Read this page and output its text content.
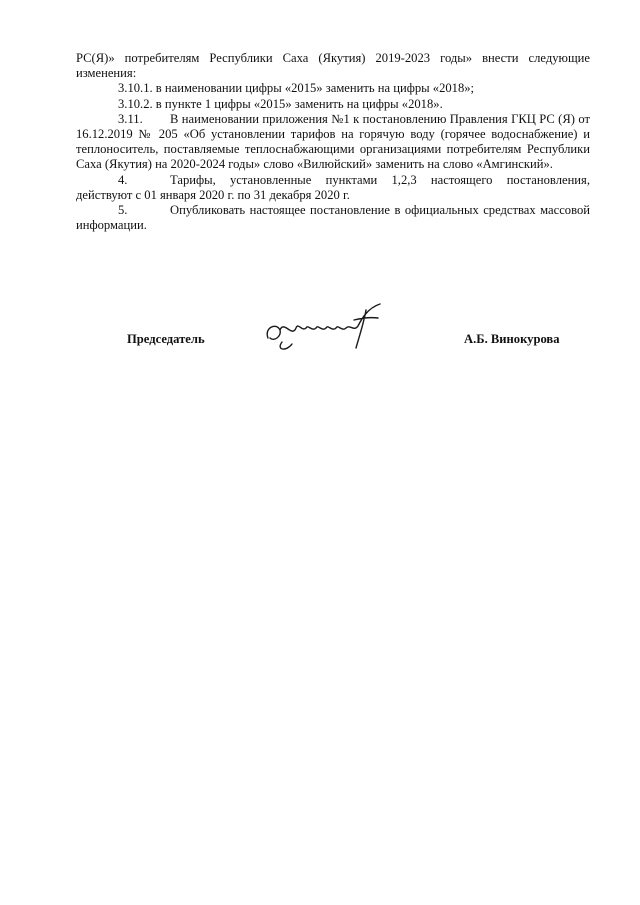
РС(Я)» потребителям Республики Саха (Якутия) 2019-2023 годы» внести следующие изменения:

3.10.1. в наименовании цифры «2015» заменить на цифры «2018»;

3.10.2. в пункте 1 цифры «2015» заменить на цифры «2018».

3.11. В наименовании приложения №1 к постановлению Правления ГКЦ РС (Я) от 16.12.2019 № 205 «Об установлении тарифов на горячую воду (горячее водоснабжение) и теплоноситель, поставляемые теплоснабжающими организациями потребителям Республики Саха (Якутия) на 2020-2024 годы» слово «Вилюйский» заменить на слово «Амгинский».

4.	Тарифы, установленные пунктами 1,2,3 настоящего постановления, действуют с 01 января 2020 г. по 31 декабря 2020 г.

5.	Опубликовать настоящее постановление в официальных средствах массовой информации.

Председатель	А.Б. Винокурова
